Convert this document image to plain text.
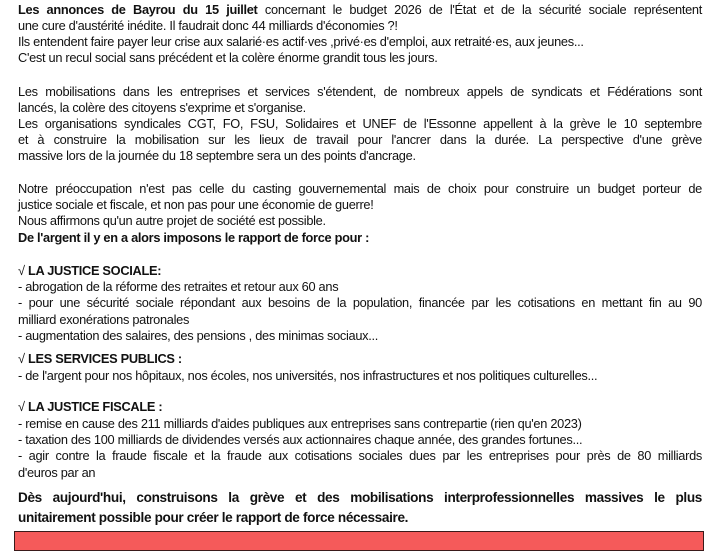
Les annonces de Bayrou du 15 juillet concernant le budget 2026 de l'État et de la sécurité sociale représentent
une cure d'austérité inédite. Il faudrait donc 44 milliards d'économies ?!
Ils entendent faire payer leur crise aux salarié·es actif·ves ,privé·es d'emploi, aux retraité·es, aux jeunes...
C'est un recul social sans précédent et la colère énorme grandit tous les jours.
Les mobilisations dans les entreprises et services s'étendent, de nombreux appels de syndicats et Fédérations sont
lancés, la colère des citoyens s'exprime et s'organise.
Les organisations syndicales CGT, FO, FSU, Solidaires et UNEF de l'Essonne appellent à la grève le 10 septembre
et à construire la mobilisation sur les lieux de travail pour l'ancrer dans la durée. La perspective d'une grève
massive lors de la journée du 18 septembre sera un des points d'ancrage.
Notre préoccupation n'est pas celle du casting gouvernemental mais de choix pour construire un budget porteur de
justice sociale et fiscale, et non pas pour une économie de guerre!
Nous affirmons qu'un autre projet de société est possible.
De l'argent il y en a alors imposons le rapport de force pour :
√ LA JUSTICE SOCIALE:
- abrogation de la réforme des retraites et retour aux 60 ans
- pour une sécurité sociale répondant aux besoins de la population, financée par les cotisations en mettant fin au 90
milliard exonérations patronales
- augmentation des salaires, des pensions , des minimas sociaux...
√ LES SERVICES PUBLICS :
- de l'argent pour nos hôpitaux, nos écoles, nos universités, nos infrastructures et nos politiques culturelles...
√ LA JUSTICE FISCALE :
- remise en cause des 211 milliards d'aides publiques aux entreprises sans contrepartie (rien qu'en 2023)
- taxation des 100 milliards de dividendes versés aux actionnaires chaque année, des grandes fortunes...
- agir contre la fraude fiscale et la fraude aux cotisations sociales dues par les entreprises pour près de 80 milliards
d'euros par an
Dès aujourd'hui, construisons la grève et des mobilisations interprofessionnelles massives le plus
unitairement possible pour créer le rapport de force nécessaire.
